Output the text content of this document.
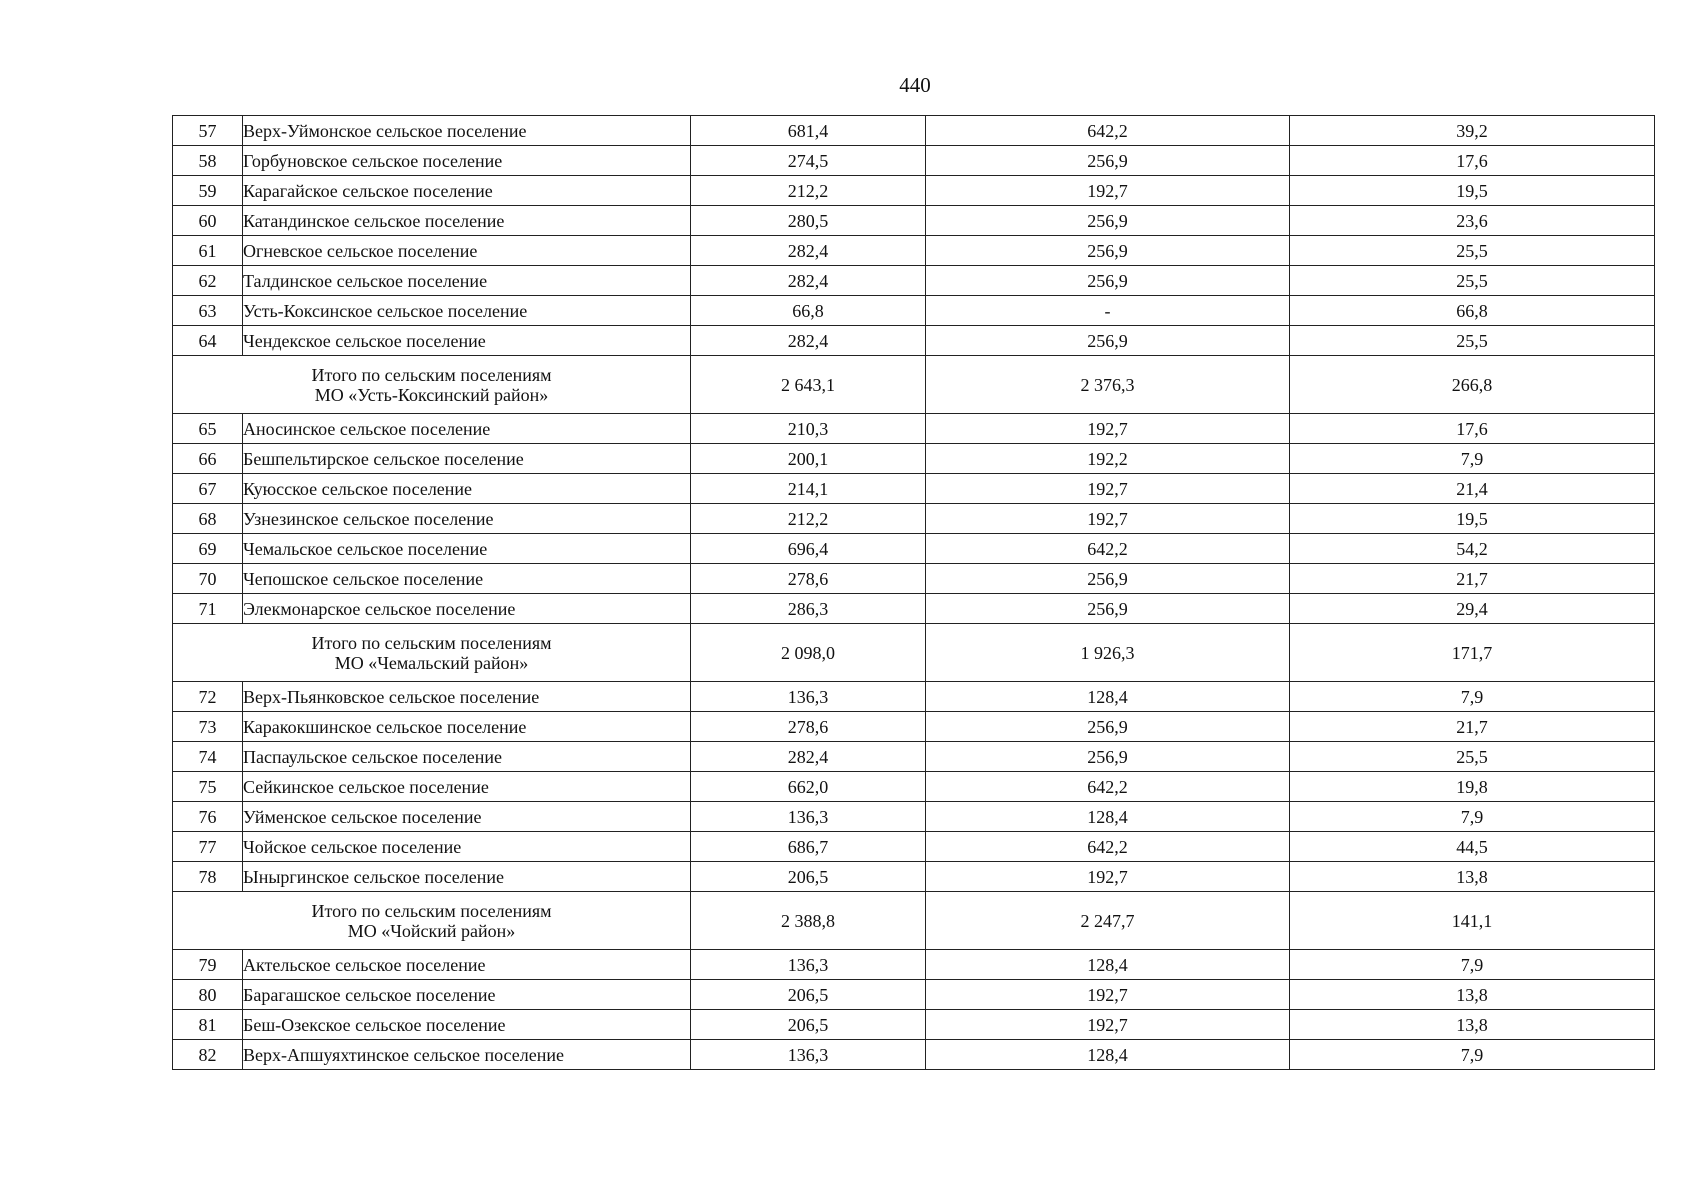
440
57	Верх-Уймонское сельское поселение	681,4	642,2	39,2
58	Горбуновское сельское поселение	274,5	256,9	17,6
59	Карагайское сельское поселение	212,2	192,7	19,5
60	Катандинское сельское поселение	280,5	256,9	23,6
61	Огневское сельское поселение	282,4	256,9	25,5
62	Талдинское сельское поселение	282,4	256,9	25,5
63	Усть-Коксинское сельское поселение	66,8	-	66,8
64	Чендекское сельское поселение	282,4	256,9	25,5

Итого по сельским поселениям
МО «Усть-Коксинский район»		2 643,1	2 376,3	266,8
65	Аносинское сельское поселение	210,3	192,7	17,6
66	Бешпельтирское сельское поселение	200,1	192,2	7,9
67	Куюсское сельское поселение	214,1	192,7	21,4
68	Узнезинское сельское поселение	212,2	192,7	19,5
69	Чемальское сельское поселение	696,4	642,2	54,2
70	Чепошское сельское поселение	278,6	256,9	21,7
71	Элекмонарское сельское поселение	286,3	256,9	29,4

Итого по сельским поселениям
МО «Чемальский район»		2 098,0	1 926,3	171,7
72	Верх-Пьянковское сельское поселение	136,3	128,4	7,9
73	Каракокшинское сельское поселение	278,6	256,9	21,7
74	Паспаульское сельское поселение	282,4	256,9	25,5
75	Сейкинское сельское поселение	662,0	642,2	19,8
76	Уйменское сельское поселение	136,3	128,4	7,9
77	Чойское сельское поселение	686,7	642,2	44,5
78	Ыныргинское сельское поселение	206,5	192,7	13,8

Итого по сельским поселениям
МО «Чойский район»		2 388,8	2 247,7	141,1
79	Актельское сельское поселение	136,3	128,4	7,9
80	Барагашское сельское поселение	206,5	192,7	13,8
81	Беш-Озекское сельское поселение	206,5	192,7	13,8
82	Верх-Апшуяхтинское сельское поселение	136,3	128,4	7,9
